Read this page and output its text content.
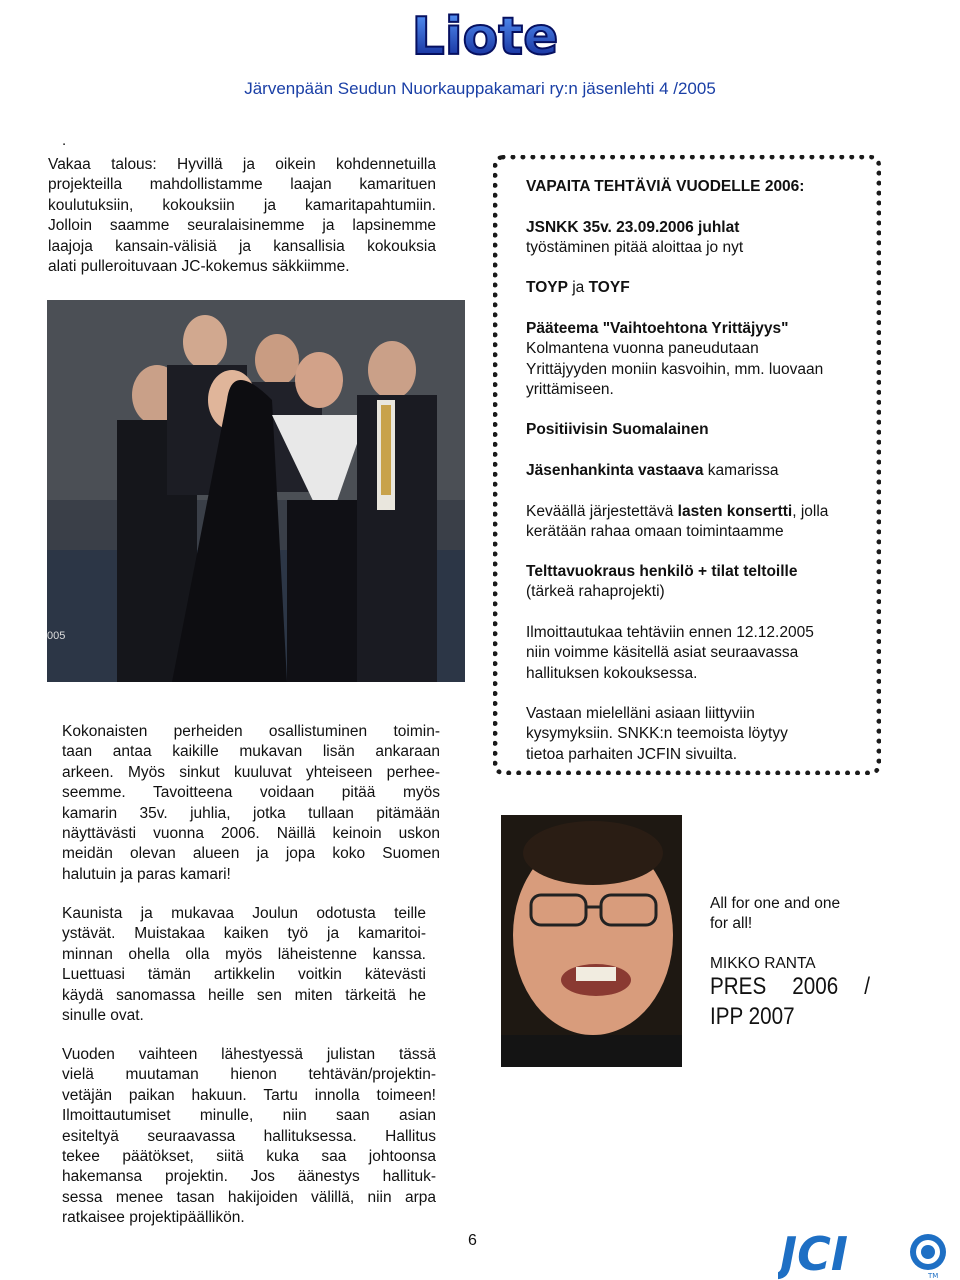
Liote
Järvenpään Seudun Nuorkauppakamari ry:n jäsenlehti 4 /2005
.
Vakaa talous: Hyvillä ja oikein kohdennetuilla
projekteilla mahdollistamme laajan kamarituen
koulutuksiin, kokouksiin ja kamaritapahtumiin.
Jolloin saamme seuralaisinemme ja lapsinemme
laajoja kansain-välisiä ja kansallisia kokouksia
alati pulleroituvaan JC-kokemus säkkiimme.
005
Kokonaisten perheiden osallistuminen toimin-
taan antaa kaikille mukavan lisän ankaraan
arkeen. Myös sinkut kuuluvat yhteiseen perhee-
seemme. Tavoitteena voidaan pitää myös
kamarin 35v. juhlia, jotka tullaan pitämään
näyttävästi vuonna 2006. Näillä keinoin uskon
meidän olevan alueen ja jopa koko Suomen
halutuin ja paras kamari!
Kaunista ja mukavaa Joulun odotusta teille
ystävät. Muistakaa kaiken työ ja kamaritoi-
minnan ohella olla myös läheistenne kanssa.
Luettuasi tämän artikkelin voitkin kätevästi
käydä sanomassa heille sen miten tärkeitä he
sinulle ovat.
Vuoden vaihteen lähestyessä julistan tässä
vielä muutaman hienon tehtävän/projektin-
vetäjän paikan hakuun. Tartu innolla toimeen!
Ilmoittautumiset minulle, niin saan asian
esiteltyä seuraavassa hallituksessa. Hallitus
tekee päätökset, siitä kuka saa johtoonsa
hakemansa projektin. Jos äänestys hallituk-
sessa menee tasan hakijoiden välillä, niin arpa
ratkaisee projektipäällikön.
VAPAITA TEHTÄVIÄ VUODELLE 2006:
JSNKK 35v. 23.09.2006 juhlat
työstäminen pitää aloittaa jo nyt
TOYP ja TOYF
Pääteema "Vaihtoehtona Yrittäjyys"
Kolmantena vuonna paneudutaan
Yrittäjyyden moniin kasvoihin, mm. luovaan
yrittämiseen.
Positiivisin Suomalainen
Jäsenhankinta vastaava kamarissa
Keväällä järjestettävä lasten konsertti, jolla
kerätään rahaa omaan toimintaamme
Telttavuokraus henkilö + tilat teltoille
(tärkeä rahaprojekti)
Ilmoittautukaa tehtäviin ennen 12.12.2005
niin voimme käsitellä asiat seuraavassa
hallituksen kokouksessa.
Vastaan mielelläni asiaan liittyviin
kysymyksiin. SNKK:n teemoista löytyy
tietoa parhaiten JCFIN sivuilta.
All for one and one
for all!
MIKKO RANTA
PRES 2006 /
IPP 2007
6	JCI	TM
